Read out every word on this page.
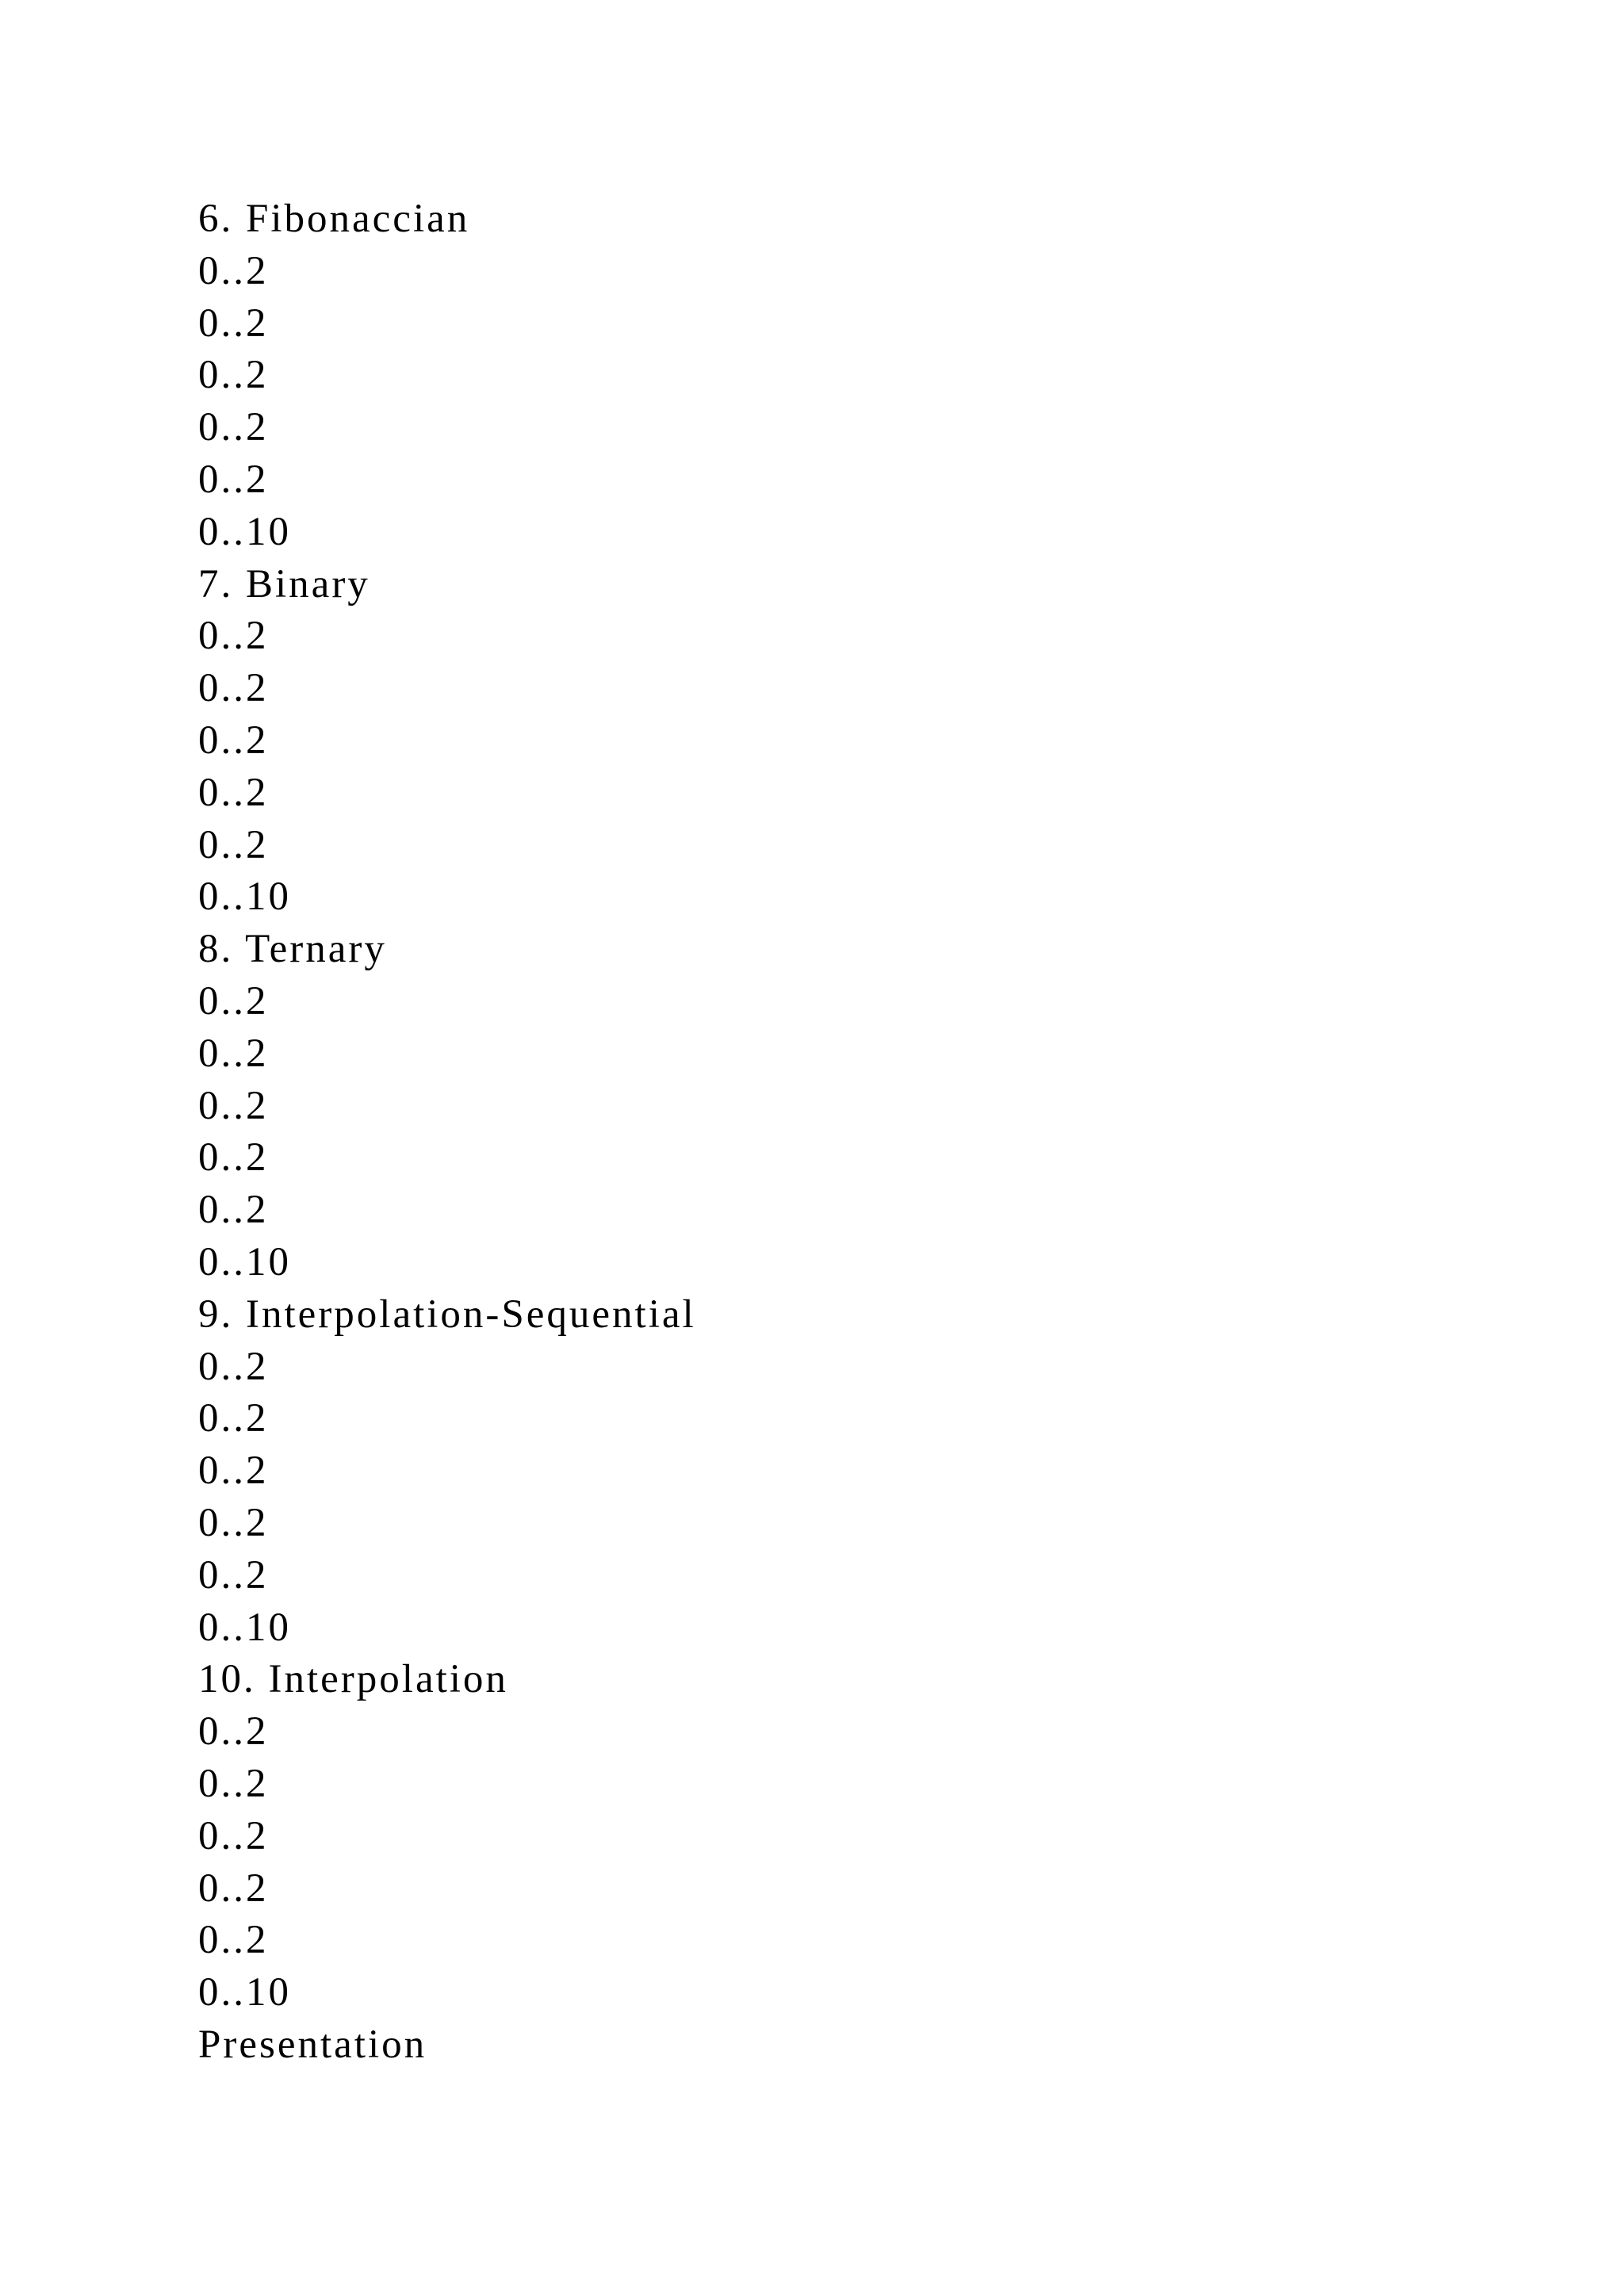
6. Fibonaccian
0..2
0..2
0..2
0..2
0..2
0..10
7. Binary
0..2
0..2
0..2
0..2
0..2
0..10
8. Ternary
0..2
0..2
0..2
0..2
0..2
0..10
9. Interpolation-Sequential
0..2
0..2
0..2
0..2
0..2
0..10
10. Interpolation
0..2
0..2
0..2
0..2
0..2
0..10
Presentation
